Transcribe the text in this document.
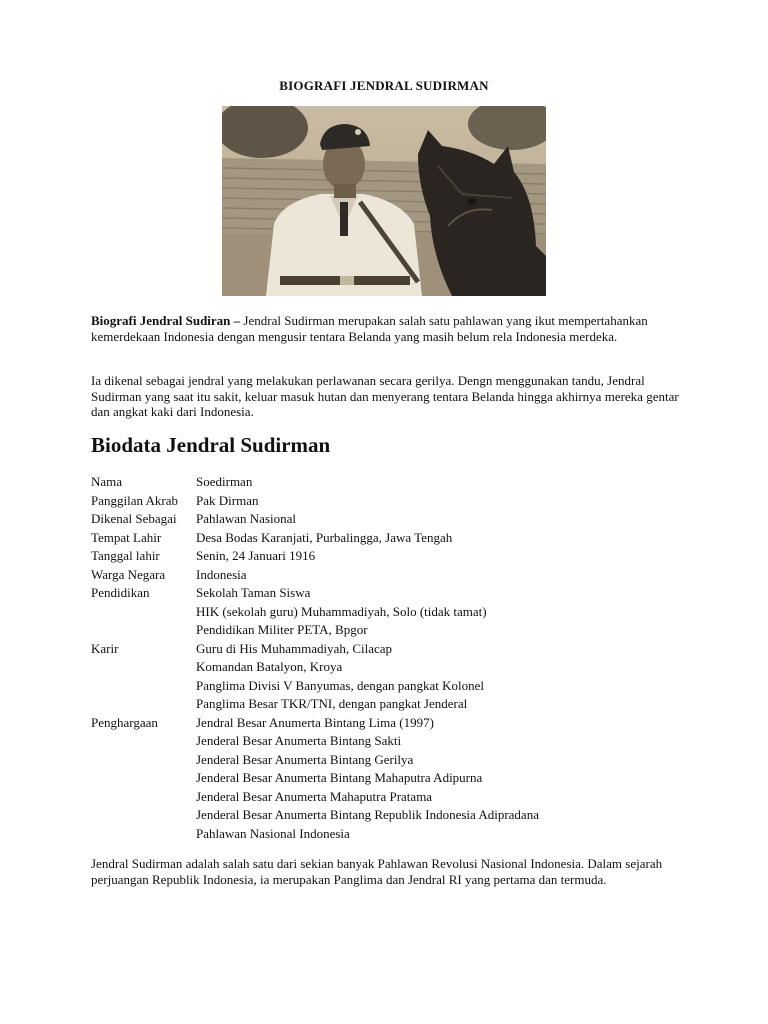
BIOGRAFI JENDRAL SUDIRMAN

Biografi Jendral Sudiran – Jendral Sudirman merupakan salah satu pahlawan yang ikut mempertahankan kemerdekaan Indonesia dengan mengusir tentara Belanda yang masih belum rela Indonesia merdeka.

Ia dikenal sebagai jendral yang melakukan perlawanan secara gerilya. Dengn menggunakan tandu, Jendral Sudirman yang saat itu sakit, keluar masuk hutan dan menyerang tentara Belanda hingga akhirnya mereka gentar dan angkat kaki dari Indonesia.

Biodata Jendral Sudirman
Nama	Soedirman
Panggilan Akrab	Pak Dirman
Dikenal Sebagai	Pahlawan Nasional
Tempat Lahir	Desa Bodas Karanjati, Purbalingga, Jawa Tengah
Tanggal lahir	Senin, 24 Januari 1916
Warga Negara	Indonesia
Pendidikan	Sekolah Taman Siswa
HIK (sekolah guru) Muhammadiyah, Solo (tidak tamat)
Pendidikan Militer PETA, Bpgor
Karir	Guru di His Muhammadiyah, Cilacap
Komandan Batalyon, Kroya
Panglima Divisi V Banyumas, dengan pangkat Kolonel
Panglima Besar TKR/TNI, dengan pangkat Jenderal
Penghargaan	Jendral Besar Anumerta Bintang Lima (1997)
Jenderal Besar Anumerta Bintang Sakti
Jenderal Besar Anumerta Bintang Gerilya
Jenderal Besar Anumerta Bintang Mahaputra Adipurna
Jenderal Besar Anumerta Mahaputra Pratama
Jenderal Besar Anumerta Bintang Republik Indonesia Adipradana
Pahlawan Nasional Indonesia

Jendral Sudirman adalah salah satu dari sekian banyak Pahlawan Revolusi Nasional Indonesia. Dalam sejarah perjuangan Republik Indonesia, ia merupakan Panglima dan Jendral RI yang pertama dan termuda.
